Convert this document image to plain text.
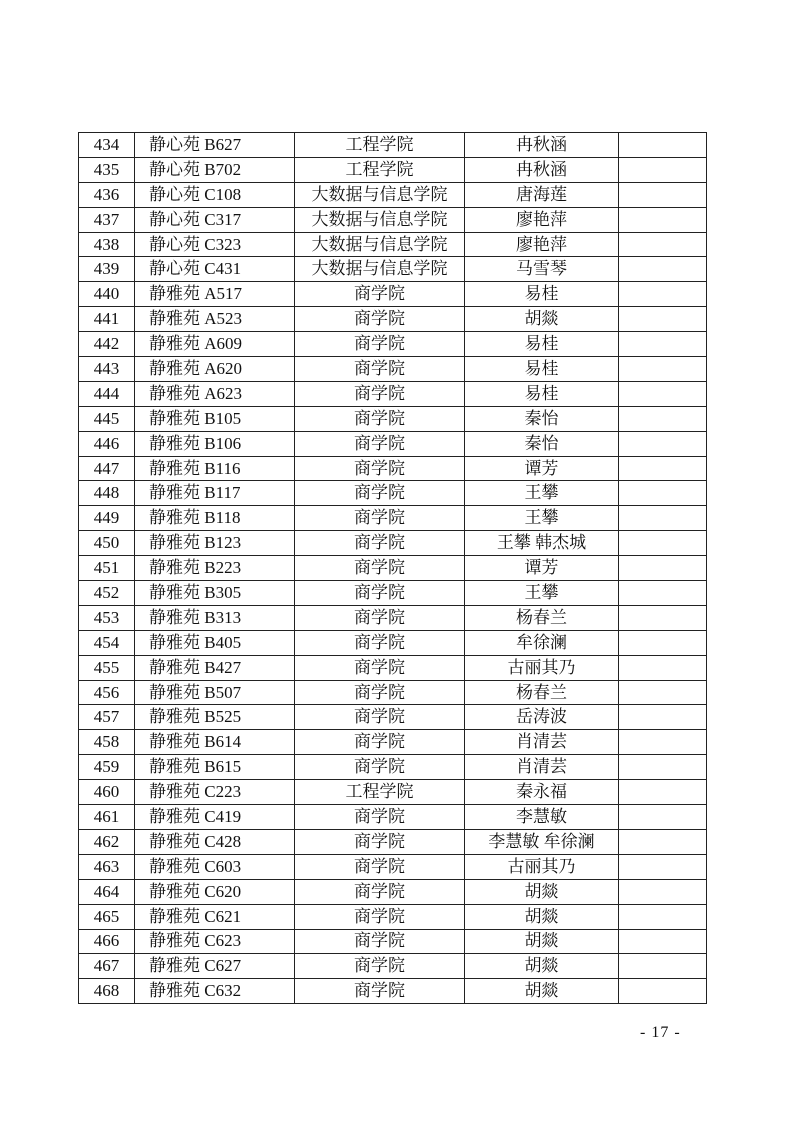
434	静心苑 B627	工程学院	冉秋涵	
435	静心苑 B702	工程学院	冉秋涵	
436	静心苑 C108	大数据与信息学院	唐海莲	
437	静心苑 C317	大数据与信息学院	廖艳萍	
438	静心苑 C323	大数据与信息学院	廖艳萍	
439	静心苑 C431	大数据与信息学院	马雪琴	
440	静雅苑 A517	商学院	易桂	
441	静雅苑 A523	商学院	胡燚	
442	静雅苑 A609	商学院	易桂	
443	静雅苑 A620	商学院	易桂	
444	静雅苑 A623	商学院	易桂	
445	静雅苑 B105	商学院	秦怡	
446	静雅苑 B106	商学院	秦怡	
447	静雅苑 B116	商学院	谭芳	
448	静雅苑 B117	商学院	王攀	
449	静雅苑 B118	商学院	王攀	
450	静雅苑 B123	商学院	王攀 韩杰城	
451	静雅苑 B223	商学院	谭芳	
452	静雅苑 B305	商学院	王攀	
453	静雅苑 B313	商学院	杨春兰	
454	静雅苑 B405	商学院	牟徐澜	
455	静雅苑 B427	商学院	古丽其乃	
456	静雅苑 B507	商学院	杨春兰	
457	静雅苑 B525	商学院	岳涛波	
458	静雅苑 B614	商学院	肖清芸	
459	静雅苑 B615	商学院	肖清芸	
460	静雅苑 C223	工程学院	秦永福	
461	静雅苑 C419	商学院	李慧敏	
462	静雅苑 C428	商学院	李慧敏 牟徐澜	
463	静雅苑 C603	商学院	古丽其乃	
464	静雅苑 C620	商学院	胡燚	
465	静雅苑 C621	商学院	胡燚	
466	静雅苑 C623	商学院	胡燚	
467	静雅苑 C627	商学院	胡燚	
468	静雅苑 C632	商学院	胡燚	
- 17 -
